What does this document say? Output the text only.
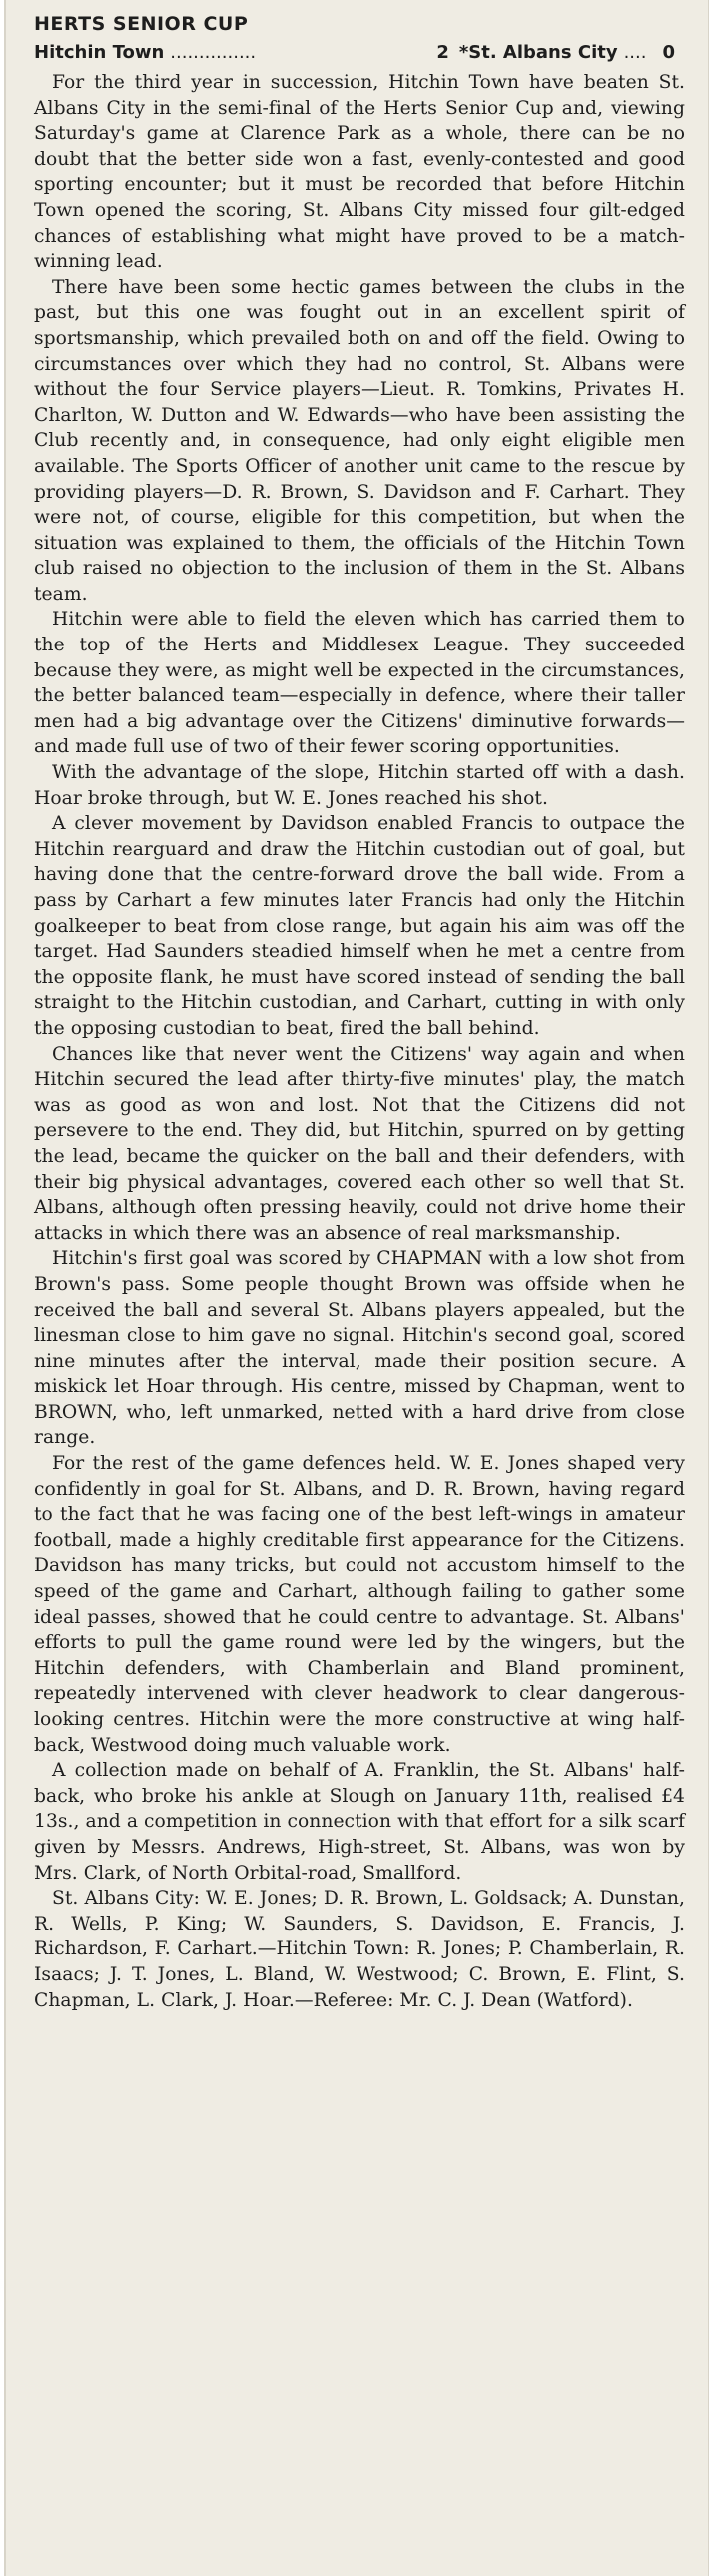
HERTS SENIOR CUP
Hitchin Town ...............	2 *St. Albans City .... 0

For the third year in succession, Hitchin Town have beaten St. Albans City in the semi-final of the Herts Senior Cup and, viewing Saturday's game at Clarence Park as a whole, there can be no doubt that the better side won a fast, evenly-contested and good sporting encounter; but it must be recorded that before Hitchin Town opened the scoring, St. Albans City missed four gilt-edged chances of establishing what might have proved to be a match-winning lead.

There have been some hectic games between the clubs in the past, but this one was fought out in an excellent spirit of sportsmanship, which prevailed both on and off the field. Owing to circumstances over which they had no control, St. Albans were without the four Service players—Lieut. R. Tomkins, Privates H. Charlton, W. Dutton and W. Edwards—who have been assisting the Club recently and, in consequence, had only eight eligible men available. The Sports Officer of another unit came to the rescue by providing players—D. R. Brown, S. Davidson and F. Carhart. They were not, of course, eligible for this competition, but when the situation was explained to them, the officials of the Hitchin Town club raised no objection to the inclusion of them in the St. Albans team.

Hitchin were able to field the eleven which has carried them to the top of the Herts and Middlesex League. They succeeded because they were, as might well be expected in the circumstances, the better balanced team—especially in defence, where their taller men had a big advantage over the Citizens' diminutive forwards—and made full use of two of their fewer scoring opportunities.

With the advantage of the slope, Hitchin started off with a dash. Hoar broke through, but W. E. Jones reached his shot.

A clever movement by Davidson enabled Francis to outpace the Hitchin rearguard and draw the Hitchin custodian out of goal, but having done that the centre-forward drove the ball wide. From a pass by Carhart a few minutes later Francis had only the Hitchin goalkeeper to beat from close range, but again his aim was off the target. Had Saunders steadied himself when he met a centre from the opposite flank, he must have scored instead of sending the ball straight to the Hitchin custodian, and Carhart, cutting in with only the opposing custodian to beat, fired the ball behind.

Chances like that never went the Citizens' way again and when Hitchin secured the lead after thirty-five minutes' play, the match was as good as won and lost. Not that the Citizens did not persevere to the end. They did, but Hitchin, spurred on by getting the lead, became the quicker on the ball and their defenders, with their big physical advantages, covered each other so well that St. Albans, although often pressing heavily, could not drive home their attacks in which there was an absence of real marksmanship.

Hitchin's first goal was scored by CHAPMAN with a low shot from Brown's pass. Some people thought Brown was offside when he received the ball and several St. Albans players appealed, but the linesman close to him gave no signal. Hitchin's second goal, scored nine minutes after the interval, made their position secure. A miskick let Hoar through. His centre, missed by Chapman, went to BROWN, who, left unmarked, netted with a hard drive from close range.

For the rest of the game defences held. W. E. Jones shaped very confidently in goal for St. Albans, and D. R. Brown, having regard to the fact that he was facing one of the best left-wings in amateur football, made a highly creditable first appearance for the Citizens. Davidson has many tricks, but could not accustom himself to the speed of the game and Carhart, although failing to gather some ideal passes, showed that he could centre to advantage. St. Albans' efforts to pull the game round were led by the wingers, but the Hitchin defenders, with Chamberlain and Bland prominent, repeatedly intervened with clever headwork to clear dangerous-looking centres. Hitchin were the more constructive at wing half-back, Westwood doing much valuable work.

A collection made on behalf of A. Franklin, the St. Albans' half-back, who broke his ankle at Slough on January 11th, realised £4 13s., and a competition in connection with that effort for a silk scarf given by Messrs. Andrews, High-street, St. Albans, was won by Mrs. Clark, of North Orbital-road, Smallford.

St. Albans City: W. E. Jones; D. R. Brown, L. Goldsack; A. Dunstan, R. Wells, P. King; W. Saunders, S. Davidson, E. Francis, J. Richardson, F. Carhart.—Hitchin Town: R. Jones; P. Chamberlain, R. Isaacs; J. T. Jones, L. Bland, W. Westwood; C. Brown, E. Flint, S. Chapman, L. Clark, J. Hoar.—Referee: Mr. C. J. Dean (Watford).
